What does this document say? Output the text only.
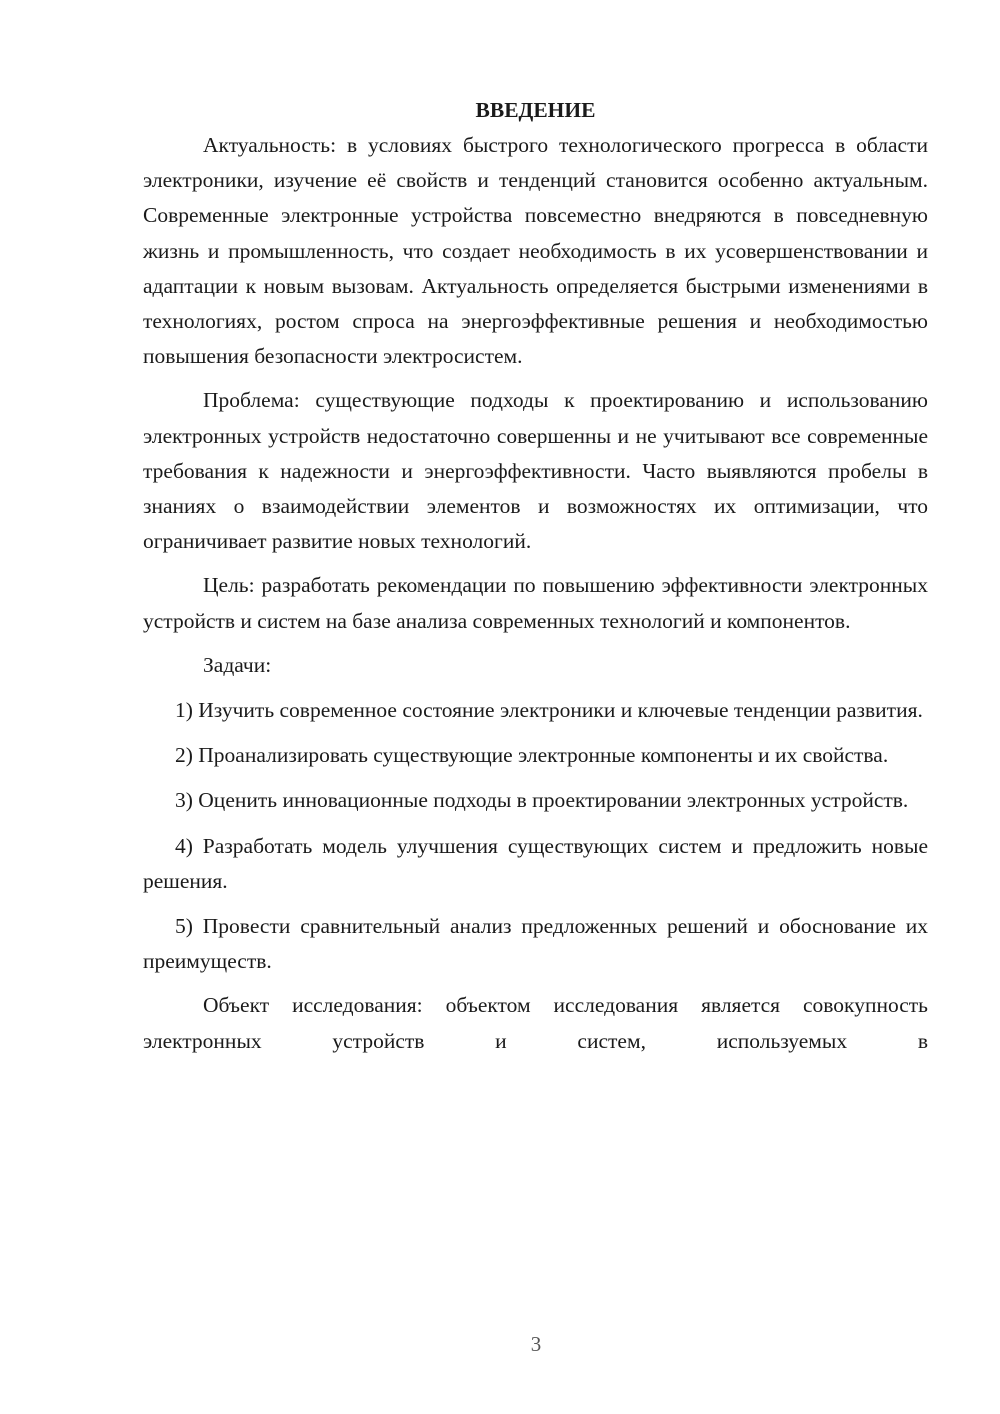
ВВЕДЕНИЕ

Актуальность: в условиях быстрого технологического прогресса в области электроники, изучение её свойств и тенденций становится особенно актуальным. Современные электронные устройства повсеместно внедряются в повседневную жизнь и промышленность, что создает необходимость в их усовершенствовании и адаптации к новым вызовам. Актуальность определяется быстрыми изменениями в технологиях, ростом спроса на энергоэффективные решения и необходимостью повышения безопасности электросистем.

Проблема: существующие подходы к проектированию и использованию электронных устройств недостаточно совершенны и не учитывают все современные требования к надежности и энергоэффективности. Часто выявляются пробелы в знаниях о взаимодействии элементов и возможностях их оптимизации, что ограничивает развитие новых технологий.

Цель: разработать рекомендации по повышению эффективности электронных устройств и систем на базе анализа современных технологий и компонентов.

Задачи:

1) Изучить современное состояние электроники и ключевые тенденции развития.

2) Проанализировать существующие электронные компоненты и их свойства.

3) Оценить инновационные подходы в проектировании электронных устройств.

4) Разработать модель улучшения существующих систем и предложить новые решения.

5) Провести сравнительный анализ предложенных решений и обоснование их преимуществ.

Объект исследования: объектом исследования является совокупность электронных устройств и систем, используемых в

3
